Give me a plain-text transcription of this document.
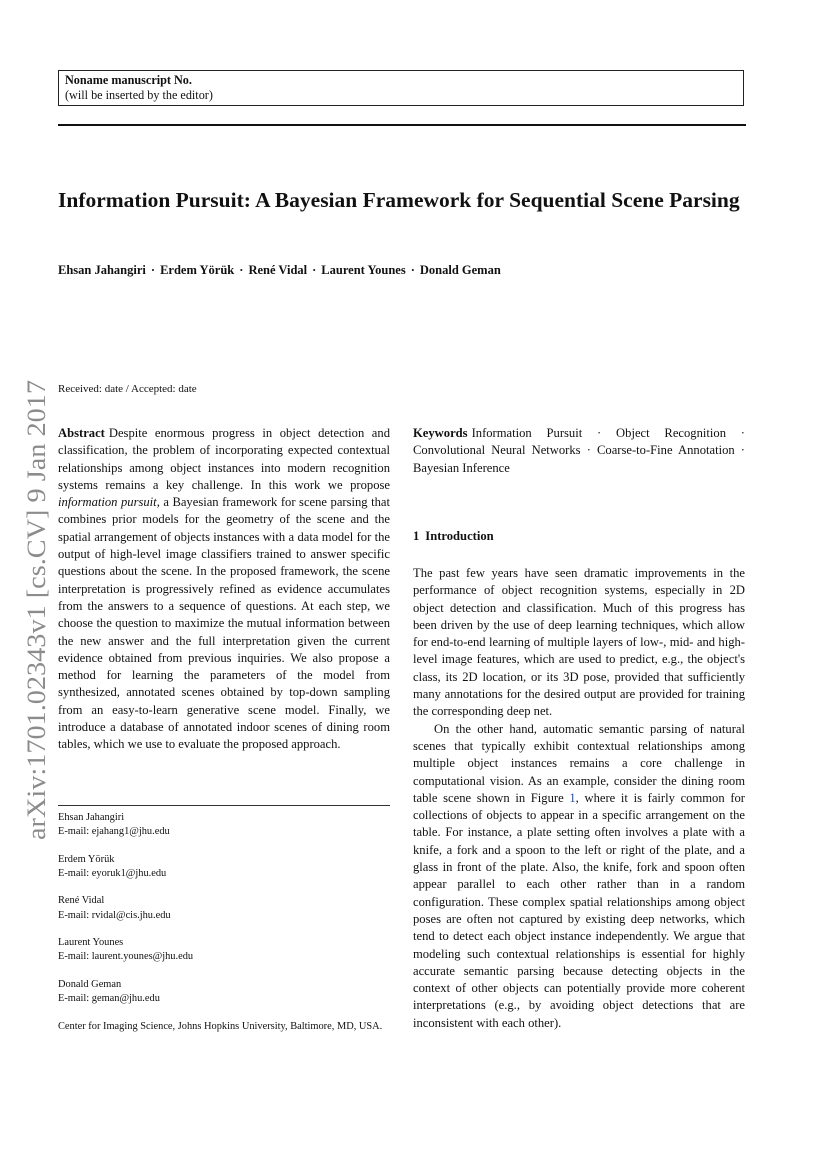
Noname manuscript No.
(will be inserted by the editor)
Information Pursuit: A Bayesian Framework for Sequential Scene Parsing
Ehsan Jahangiri · Erdem Yörük · René Vidal · Laurent Younes · Donald Geman
arXiv:1701.02343v1 [cs.CV] 9 Jan 2017
Received: date / Accepted: date
Abstract Despite enormous progress in object detection and classification, the problem of incorporating expected contextual relationships among object instances into modern recognition systems remains a key challenge. In this work we propose information pursuit, a Bayesian framework for scene parsing that combines prior models for the geometry of the scene and the spatial arrangement of objects instances with a data model for the output of high-level image classifiers trained to answer specific questions about the scene. In the proposed framework, the scene interpretation is progressively refined as evidence accumulates from the answers to a sequence of questions. At each step, we choose the question to maximize the mutual information between the new answer and the full interpretation given the current evidence obtained from previous inquiries. We also propose a method for learning the parameters of the model from synthesized, annotated scenes obtained by top-down sampling from an easy-to-learn generative scene model. Finally, we introduce a database of annotated indoor scenes of dining room tables, which we use to evaluate the proposed approach.
Keywords Information Pursuit · Object Recognition · Convolutional Neural Networks · Coarse-to-Fine Annotation · Bayesian Inference
1 Introduction

The past few years have seen dramatic improvements in the performance of object recognition systems, especially in 2D object detection and classification. Much of this progress has been driven by the use of deep learning techniques, which allow for end-to-end learning of multiple layers of low-, mid- and high-level image features, which are used to predict, e.g., the object's class, its 2D location, or its 3D pose, provided that sufficiently many annotations for the desired output are provided for training the corresponding deep net.

On the other hand, automatic semantic parsing of natural scenes that typically exhibit contextual relationships among multiple object instances remains a core challenge in computational vision. As an example, consider the dining room table scene shown in Figure 1, where it is fairly common for collections of objects to appear in a specific arrangement on the table. For instance, a plate setting often involves a plate with a knife, a fork and a spoon to the left or right of the plate, and a glass in front of the plate. Also, the knife, fork and spoon often appear parallel to each other rather than in a random configuration. These complex spatial relationships among object poses are often not captured by existing deep networks, which tend to detect each object instance independently. We argue that modeling such contextual relationships is essential for highly accurate semantic parsing because detecting objects in the context of other objects can potentially provide more coherent interpretations (e.g., by avoiding object detections that are inconsistent with each other).

Ehsan Jahangiri
E-mail: ejahang1@jhu.edu
Erdem Yörük
E-mail: eyoruk1@jhu.edu
René Vidal
E-mail: rvidal@cis.jhu.edu
Laurent Younes
E-mail: laurent.younes@jhu.edu
Donald Geman
E-mail: geman@jhu.edu
Center for Imaging Science, Johns Hopkins University, Baltimore, MD, USA.
